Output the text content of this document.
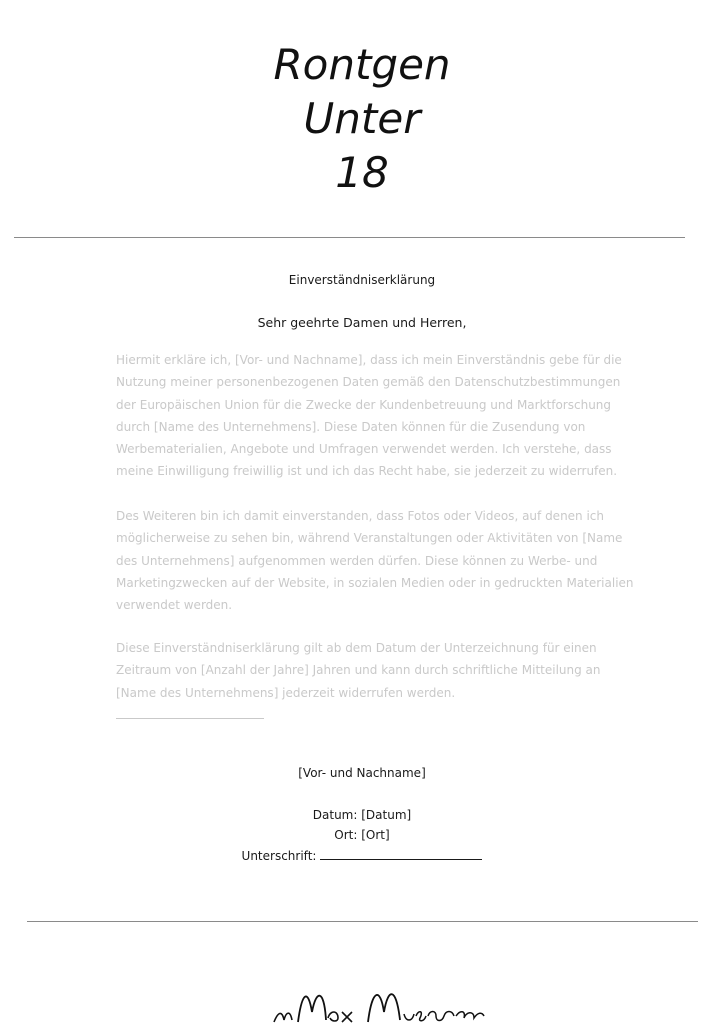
Rontgen
Unter
18
Einverständniserklärung
Sehr geehrte Damen und Herren,

Hiermit erkläre ich, [Vor- und Nachname], dass ich mein Einverständnis gebe für die Nutzung meiner personenbezogenen Daten gemäß den Datenschutzbestimmungen der Europäischen Union für die Zwecke der Kundenbetreuung und Marktforschung durch [Name des Unternehmens]. Diese Daten können für die Zusendung von Werbematerialien, Angebote und Umfragen verwendet werden. Ich verstehe, dass meine Einwilligung freiwillig ist und ich das Recht habe, sie jederzeit zu widerrufen.

Des Weiteren bin ich damit einverstanden, dass Fotos oder Videos, auf denen ich möglicherweise zu sehen bin, während Veranstaltungen oder Aktivitäten von [Name des Unternehmens] aufgenommen werden dürfen. Diese können zu Werbe- und Marketingzwecken auf der Website, in sozialen Medien oder in gedruckten Materialien verwendet werden.

Diese Einverständniserklärung gilt ab dem Datum der Unterzeichnung für einen Zeitraum von [Anzahl der Jahre] Jahren und kann durch schriftliche Mitteilung an [Name des Unternehmens] jederzeit widerrufen werden.

[Vor- und Nachname]
Datum: [Datum]
Ort: [Ort]
Unterschrift:
